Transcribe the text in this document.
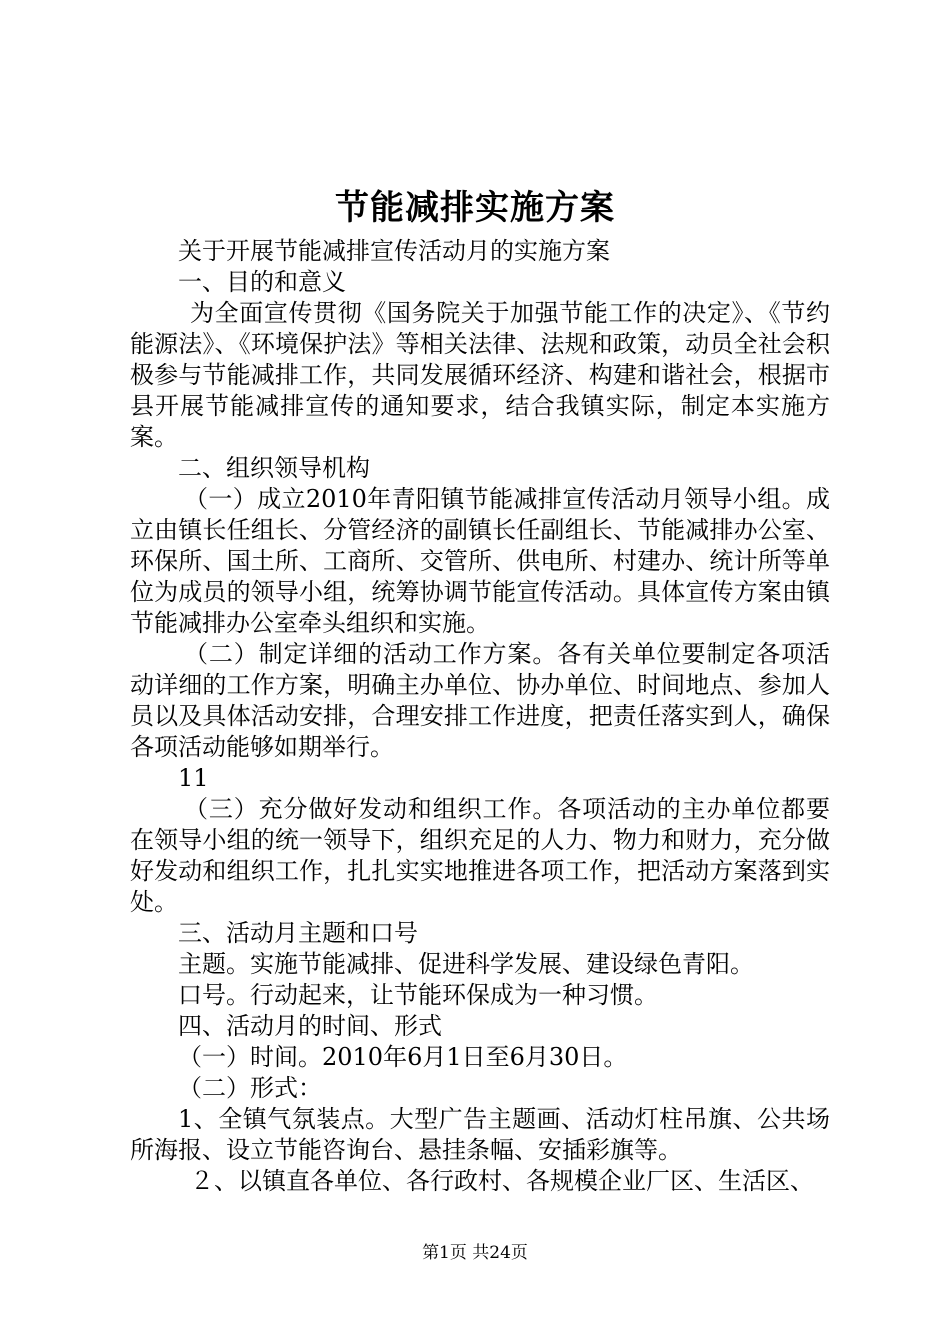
节能减排实施方案

关于开展节能减排宣传活动月的实施方案

一、目的和意义

为全面宣传贯彻《国务院关于加强节能工作的决定》、《节约能源法》、《环境保护法》等相关法律、法规和政策，动员全社会积极参与节能减排工作，共同发展循环经济、构建和谐社会，根据市县开展节能减排宣传的通知要求，结合我镇实际，制定本实施方案。

二、组织领导机构

（一）成立2010年青阳镇节能减排宣传活动月领导小组。成立由镇长任组长、分管经济的副镇长任副组长、节能减排办公室、环保所、国土所、工商所、交管所、供电所、村建办、统计所等单位为成员的领导小组，统筹协调节能宣传活动。具体宣传方案由镇节能减排办公室牵头组织和实施。

（二）制定详细的活动工作方案。各有关单位要制定各项活动详细的工作方案，明确主办单位、协办单位、时间地点、参加人员以及具体活动安排，合理安排工作进度，把责任落实到人，确保各项活动能够如期举行。

11

（三）充分做好发动和组织工作。各项活动的主办单位都要在领导小组的统一领导下，组织充足的人力、物力和财力，充分做好发动和组织工作，扎扎实实地推进各项工作，把活动方案落到实处。

三、活动月主题和口号

主题。实施节能减排、促进科学发展、建设绿色青阳。

口号。行动起来，让节能环保成为一种习惯。

四、活动月的时间、形式

（一）时间。2010年6月1日至6月30日。

（二）形式：

1、全镇气氛装点。大型广告主题画、活动灯柱吊旗、公共场所海报、设立节能咨询台、悬挂条幅、安插彩旗等。

２、以镇直各单位、各行政村、各规模企业厂区、生活区、

第1页 共24页
